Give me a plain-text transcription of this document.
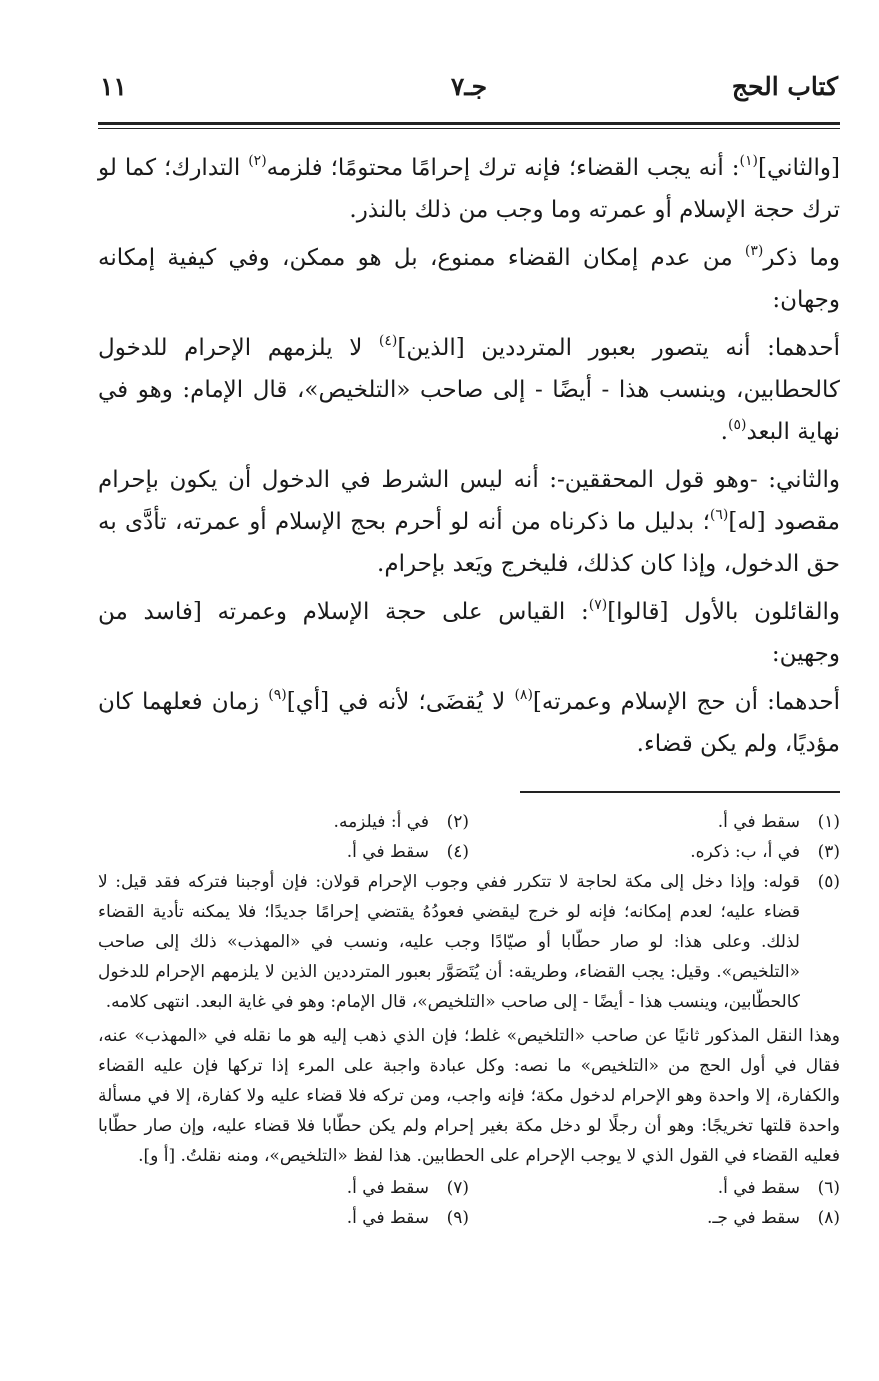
كتاب الحج
جـ٧
١١

[والثاني]$^{(١)}$: أنه يجب القضاء؛ فإنه ترك إحرامًا محتومًا؛ فلزمه$^{(٢)}$ التدارك؛ كما لو ترك حجة الإسلام أو عمرته وما وجب من ذلك بالنذر.

وما ذكر$^{(٣)}$ من عدم إمكان القضاء ممنوع، بل هو ممكن، وفي كيفية إمكانه وجهان:

أحدهما: أنه يتصور بعبور المترددين [الذين]$^{(٤)}$ لا يلزمهم الإحرام للدخول كالحطابين، وينسب هذا - أيضًا - إلى صاحب «التلخيص»، قال الإمام: وهو في نهاية البعد$^{(٥)}$.

والثاني: -وهو قول المحققين-: أنه ليس الشرط في الدخول أن يكون بإحرام مقصود [له]$^{(٦)}$؛ بدليل ما ذكرناه من أنه لو أحرم بحج الإسلام أو عمرته، تأدَّى به حق الدخول، وإذا كان كذلك، فليخرج ويَعد بإحرام.

والقائلون بالأول [قالوا]$^{(٧)}$: القياس على حجة الإسلام وعمرته [فاسد من وجهين:

أحدهما: أن حج الإسلام وعمرته]$^{(٨)}$ لا يُقضَى؛ لأنه في [أي]$^{(٩)}$ زمان فعلهما كان مؤديًا، ولم يكن قضاء.

(١)
سقط في أ.
(٢)
في أ: فيلزمه.
(٣)
في أ، ب: ذكره.
(٤)
سقط في أ.
(٥)

قوله: وإذا دخل إلى مكة لحاجة لا تتكرر ففي وجوب الإحرام قولان: فإن أوجبنا فتركه فقد قيل: لا قضاء عليه؛ لعدم إمكانه؛ فإنه لو خرج ليقضي فعودُهُ يقتضي إحرامًا جديدًا؛ فلا يمكنه تأدية القضاء لذلك. وعلى هذا: لو صار حطّابا أو صيّادًا وجب عليه، ونسب في «المهذب» ذلك إلى صاحب «التلخيص». وقيل: يجب القضاء، وطريقه: أن يُتَصَوَّر بعبور المترددين الذين لا يلزمهم الإحرام للدخول كالحطّابين، وينسب هذا - أيضًا - إلى صاحب «التلخيص»، قال الإمام: وهو في غاية البعد. انتهى كلامه.

وهذا النقل المذكور ثانيًا عن صاحب «التلخيص» غلط؛ فإن الذي ذهب إليه هو ما نقله في «المهذب» عنه، فقال في أول الحج من «التلخيص» ما نصه: وكل عبادة واجبة على المرء إذا تركها فإن عليه القضاء والكفارة، إلا واحدة وهو الإحرام لدخول مكة؛ فإنه واجب، ومن تركه فلا قضاء عليه ولا كفارة، إلا في مسألة واحدة قلتها تخريجًا: وهو أن رجلًا لو دخل مكة بغير إحرام ولم يكن حطّابا فلا قضاء عليه، وإن صار حطّابا فعليه القضاء في القول الذي لا يوجب الإحرام على الحطابين. هذا لفظ «التلخيص»، ومنه نقلتُ. [أ و].

(٦)
سقط في أ.
(٧)
سقط في أ.
(٨)
سقط في جـ.
(٩)
سقط في أ.
